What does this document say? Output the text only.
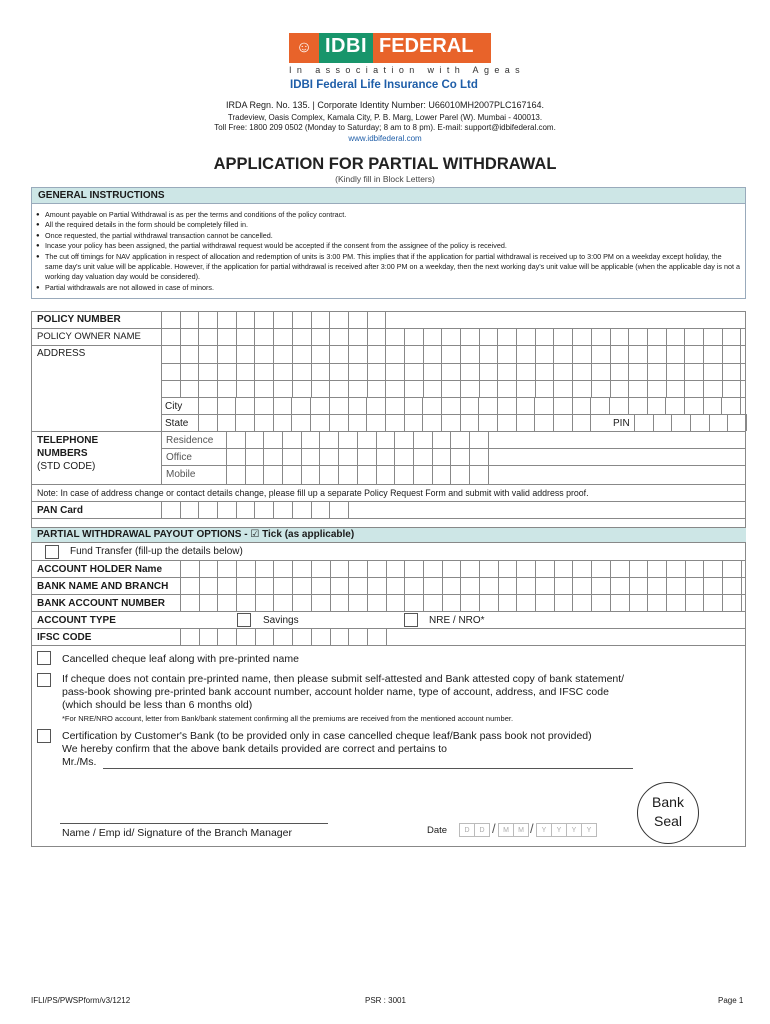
☺ IDBI FEDERAL
In association with Ageas
IDBI Federal Life Insurance Co Ltd
IRDA Regn. No. 135. | Corporate Identity Number: U66010MH2007PLC167164.
Tradeview, Oasis Complex, Kamala City, P. B. Marg, Lower Parel (W). Mumbai - 400013.
Toll Free: 1800 209 0502 (Monday to Saturday; 8 am to 8 pm). E-mail: support@idbifederal.com.
www.idbifederal.com
APPLICATION FOR PARTIAL WITHDRAWAL
(Kindly fill in Block Letters)
GENERAL INSTRUCTIONS
● Amount payable on Partial Withdrawal is as per the terms and conditions of the policy contract.
● All the required details in the form should be completely filled in.
● Once requested, the partial withdrawal transaction cannot be cancelled.
● Incase your policy has been assigned, the partial withdrawal request would be accepted if the consent from the assignee of the policy is received.
● The cut off timings for NAV application in respect of allocation and redemption of units is 3:00 PM. This implies that if the application for partial withdrawal is received up to 3:00 PM on a weekday except holiday, the same day's unit value will be applicable. However, if the application for partial withdrawal is received after 3:00 PM on a weekday, then the next working day's unit value will be applicable (when the applicable day is not a working day valuation day would be considered).
● Partial withdrawals are not allowed in case of minors.
POLICY NUMBER
POLICY OWNER NAME
ADDRESS
City
State	PIN
TELEPHONE
NUMBERS
(STD CODE)
Residence
Office
Mobile
Note: In case of address change or contact details change, please fill up a separate Policy Request Form and submit with valid address proof.
PAN Card
PARTIAL WITHDRAWAL PAYOUT OPTIONS - ☑ Tick (as applicable)
Fund Transfer (fill-up the details below)
ACCOUNT HOLDER Name
BANK NAME AND BRANCH
BANK ACCOUNT NUMBER
ACCOUNT TYPE	Savings	NRE / NRO*
IFSC CODE
Cancelled cheque leaf along with pre-printed name
If cheque does not contain pre-printed name, then please submit self-attested and Bank attested copy of bank statement/
pass-book showing pre-printed bank account number, account holder name, type of account, address, and IFSC code
(which should be less than 6 months old)
*For NRE/NRO account, letter from Bank/bank statement confirming all the premiums are received from the mentioned account number.
Certification by Customer's Bank (to be provided only in case cancelled cheque leaf/Bank pass book not provided)
We hereby confirm that the above bank details provided are correct and pertains to
Mr./Ms.
Bank
Seal
Name / Emp id/ Signature of the Branch Manager	Date	D	D /	M	M /	Y	Y	Y	Y
IFLI/PS/PWSPform/v3/1212	PSR : 3001	Page 1
